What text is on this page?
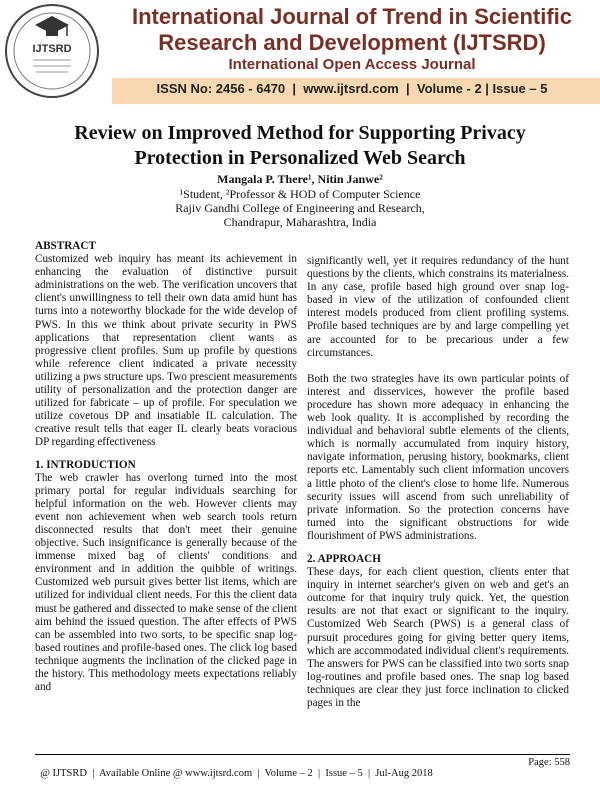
IJTSRD
International Journal of Trend in Scientific
Research and Development (IJTSRD)
International Open Access Journal
ISSN No: 2456 - 6470  |  www.ijtsrd.com  |  Volume - 2 | Issue – 5
Review on Improved Method for Supporting Privacy
Protection in Personalized Web Search
Mangala P. There¹, Nitin Janwe²
¹Student, ²Professor & HOD of Computer Science
Rajiv Gandhi College of Engineering and Research,
Chandrapur, Maharashtra, India
ABSTRACT

Customized web inquiry has meant its achievement in enhancing the evaluation of distinctive pursuit administrations on the web. The verification uncovers that client's unwillingness to tell their own data amid hunt has turns into a noteworthy blockade for the wide develop of PWS. In this we think about private security in PWS applications that representation client wants as progressive client profiles. Sum up profile by questions while reference client indicated a private necessity utilizing a pws structure ups. Two prescient measurements utility of personalization and the protection danger are utilized for fabricate – up of profile. For speculation we utilize covetous DP and insatiable IL calculation. The creative result tells that eager IL clearly beats voracious DP regarding effectiveness

1. INTRODUCTION

The web crawler has overlong turned into the most primary portal for regular individuals searching for helpful information on the web. However clients may event non achievement when web search tools return disconnected results that don't meet their genuine objective. Such insignificance is generally because of the immense mixed bag of clients' conditions and environment and in addition the quibble of writings. Customized web pursuit gives better list items, which are utilized for individual client needs. For this the client data must be gathered and dissected to make sense of the client aim behind the issued question. The after effects of PWS can be assembled into two sorts, to be specific snap log-based routines and profile-based ones. The click log based technique augments the inclination of the clicked page in the history. This methodology meets expectations reliably and

significantly well, yet it requires redundancy of the hunt questions by the clients, which constrains its materialness. In any case, profile based high ground over snap log-based in view of the utilization of confounded client interest models produced from client profiling systems. Profile based techniques are by and large compelling yet are accounted for to be precarious under a few circumstances.

Both the two strategies have its own particular points of interest and disservices, however the profile based procedure has shown more adequacy in enhancing the web look quality. It is accomplished by recording the individual and behavioral subtle elements of the clients, which is normally accumulated from inquiry history, navigate information, perusing history, bookmarks, client reports etc. Lamentably such client information uncovers a little photo of the client's close to home life. Numerous security issues will ascend from such unreliability of private information. So the protection concerns have turned into the significant obstructions for wide flourishment of PWS administrations.

2. APPROACH

These days, for each client question, clients enter that inquiry in internet searcher's given on web and get's an outcome for that inquiry truly quick. Yet, the question results are not that exact or significant to the inquiry. Customized Web Search (PWS) is a general class of pursuit procedures going for giving better query items, which are accommodated individual client's requirements. The answers for PWS can be classified into two sorts snap log-routines and profile based ones. The snap log based techniques are clear they just force inclination to clicked pages in the

@ IJTSRD  |  Available Online @ www.ijtsrd.com  |  Volume – 2  |  Issue – 5  |  Jul-Aug 2018

Page: 558
